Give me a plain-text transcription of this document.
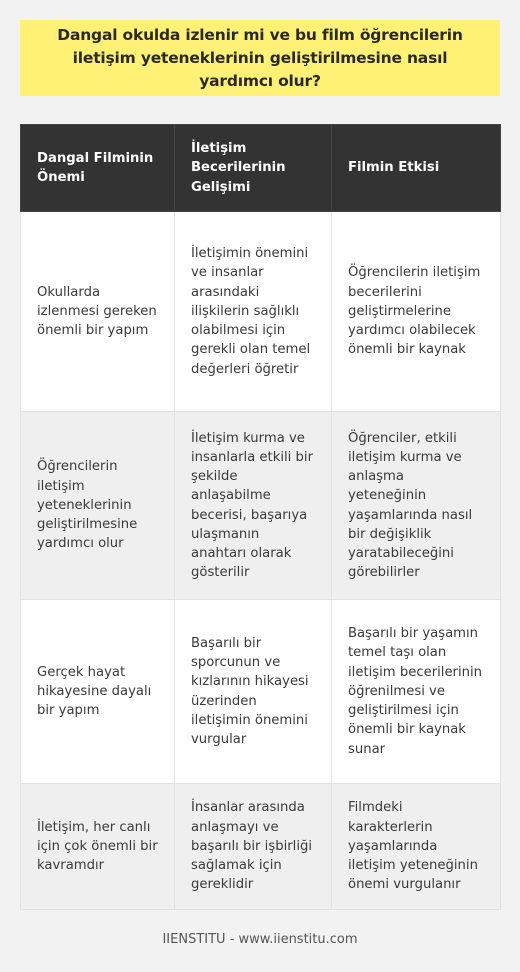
Dangal okulda izlenir mi ve bu film öğrencilerin iletişim yeteneklerinin geliştirilmesine nasıl yardımcı olur?
Dangal Filminin Önemi	İletişim Becerilerinin Gelişimi	Filmin Etkisi
Okullarda izlenmesi gereken önemli bir yapım	İletişimin önemini ve insanlar arasındaki ilişkilerin sağlıklı olabilmesi için gerekli olan temel değerleri öğretir	Öğrencilerin iletişim becerilerini geliştirmelerine yardımcı olabilecek önemli bir kaynak
Öğrencilerin iletişim yeteneklerinin geliştirilmesine yardımcı olur	İletişim kurma ve insanlarla etkili bir şekilde anlaşabilme becerisi, başarıya ulaşmanın anahtarı olarak gösterilir	Öğrenciler, etkili iletişim kurma ve anlaşma yeteneğinin yaşamlarında nasıl bir değişiklik yaratabileceğini görebilirler
Gerçek hayat hikayesine dayalı bir yapım	Başarılı bir sporcunun ve kızlarının hikayesi üzerinden iletişimin önemini vurgular	Başarılı bir yaşamın temel taşı olan iletişim becerilerinin öğrenilmesi ve geliştirilmesi için önemli bir kaynak sunar
İletişim, her canlı için çok önemli bir kavramdır	İnsanlar arasında anlaşmayı ve başarılı bir işbirliği sağlamak için gereklidir	Filmdeki karakterlerin yaşamlarında iletişim yeteneğinin önemi vurgulanır
IIENSTITU - www.iienstitu.com
